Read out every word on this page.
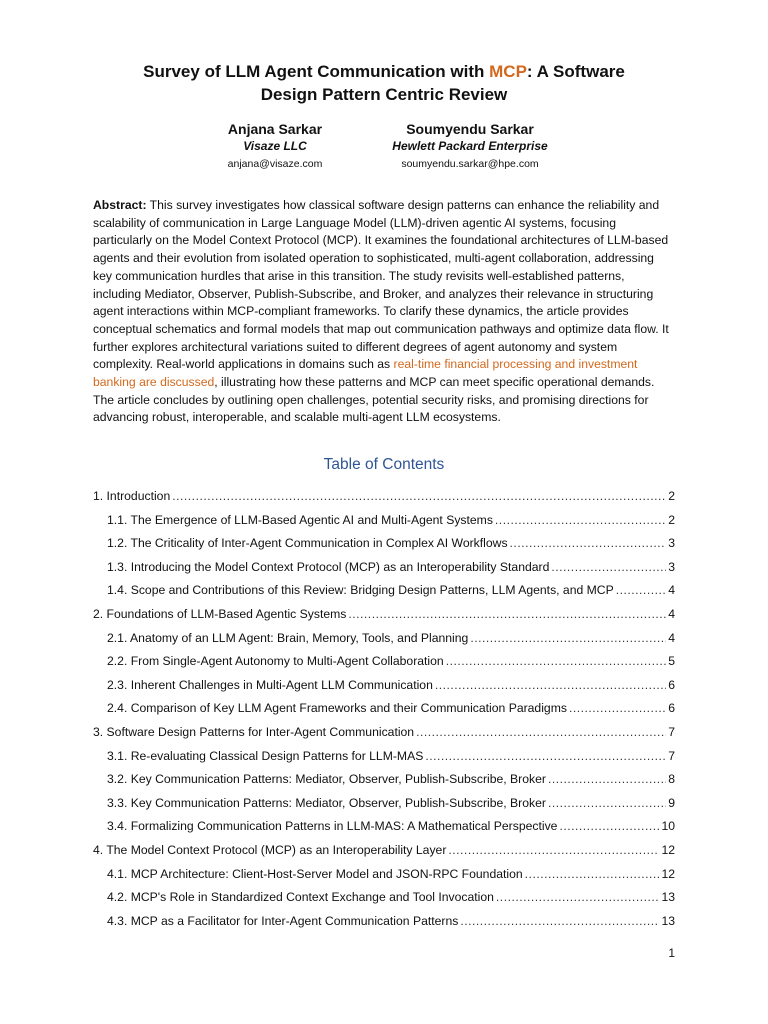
Survey of LLM Agent Communication with MCP: A Software
Design Pattern Centric Review
Anjana Sarkar
Visaze LLC
anjana@visaze.com
Soumyendu Sarkar
Hewlett Packard Enterprise
soumyendu.sarkar@hpe.com
Abstract: This survey investigates how classical software design patterns can enhance the reliability and scalability of communication in Large Language Model (LLM)-driven agentic AI systems, focusing particularly on the Model Context Protocol (MCP). It examines the foundational architectures of LLM-based agents and their evolution from isolated operation to sophisticated, multi-agent collaboration, addressing key communication hurdles that arise in this transition. The study revisits well-established patterns, including Mediator, Observer, Publish-Subscribe, and Broker, and analyzes their relevance in structuring agent interactions within MCP-compliant frameworks. To clarify these dynamics, the article provides conceptual schematics and formal models that map out communication pathways and optimize data flow. It further explores architectural variations suited to different degrees of agent autonomy and system complexity. Real-world applications in domains such as real-time financial processing and investment banking are discussed, illustrating how these patterns and MCP can meet specific operational demands. The article concludes by outlining open challenges, potential security risks, and promising directions for advancing robust, interoperable, and scalable multi-agent LLM ecosystems.
Table of Contents
1. Introduction .....	2
1.1. The Emergence of LLM-Based Agentic AI and Multi-Agent Systems .....	2
1.2. The Criticality of Inter-Agent Communication in Complex AI Workflows .....	3
1.3. Introducing the Model Context Protocol (MCP) as an Interoperability Standard .....	3
1.4. Scope and Contributions of this Review: Bridging Design Patterns, LLM Agents, and MCP .....	4
2. Foundations of LLM-Based Agentic Systems .....	4
2.1. Anatomy of an LLM Agent: Brain, Memory, Tools, and Planning .....	4
2.2. From Single-Agent Autonomy to Multi-Agent Collaboration .....	5
2.3. Inherent Challenges in Multi-Agent LLM Communication .....	6
2.4. Comparison of Key LLM Agent Frameworks and their Communication Paradigms .....	6
3. Software Design Patterns for Inter-Agent Communication .....	7
3.1. Re-evaluating Classical Design Patterns for LLM-MAS .....	7
3.2. Key Communication Patterns: Mediator, Observer, Publish-Subscribe, Broker .....	8
3.3. Key Communication Patterns: Mediator, Observer, Publish-Subscribe, Broker .....	9
3.4. Formalizing Communication Patterns in LLM-MAS: A Mathematical Perspective .....	10
4. The Model Context Protocol (MCP) as an Interoperability Layer .....	12
4.1. MCP Architecture: Client-Host-Server Model and JSON-RPC Foundation .....	12
4.2. MCP's Role in Standardized Context Exchange and Tool Invocation .....	13
4.3. MCP as a Facilitator for Inter-Agent Communication Patterns .....	13
1
